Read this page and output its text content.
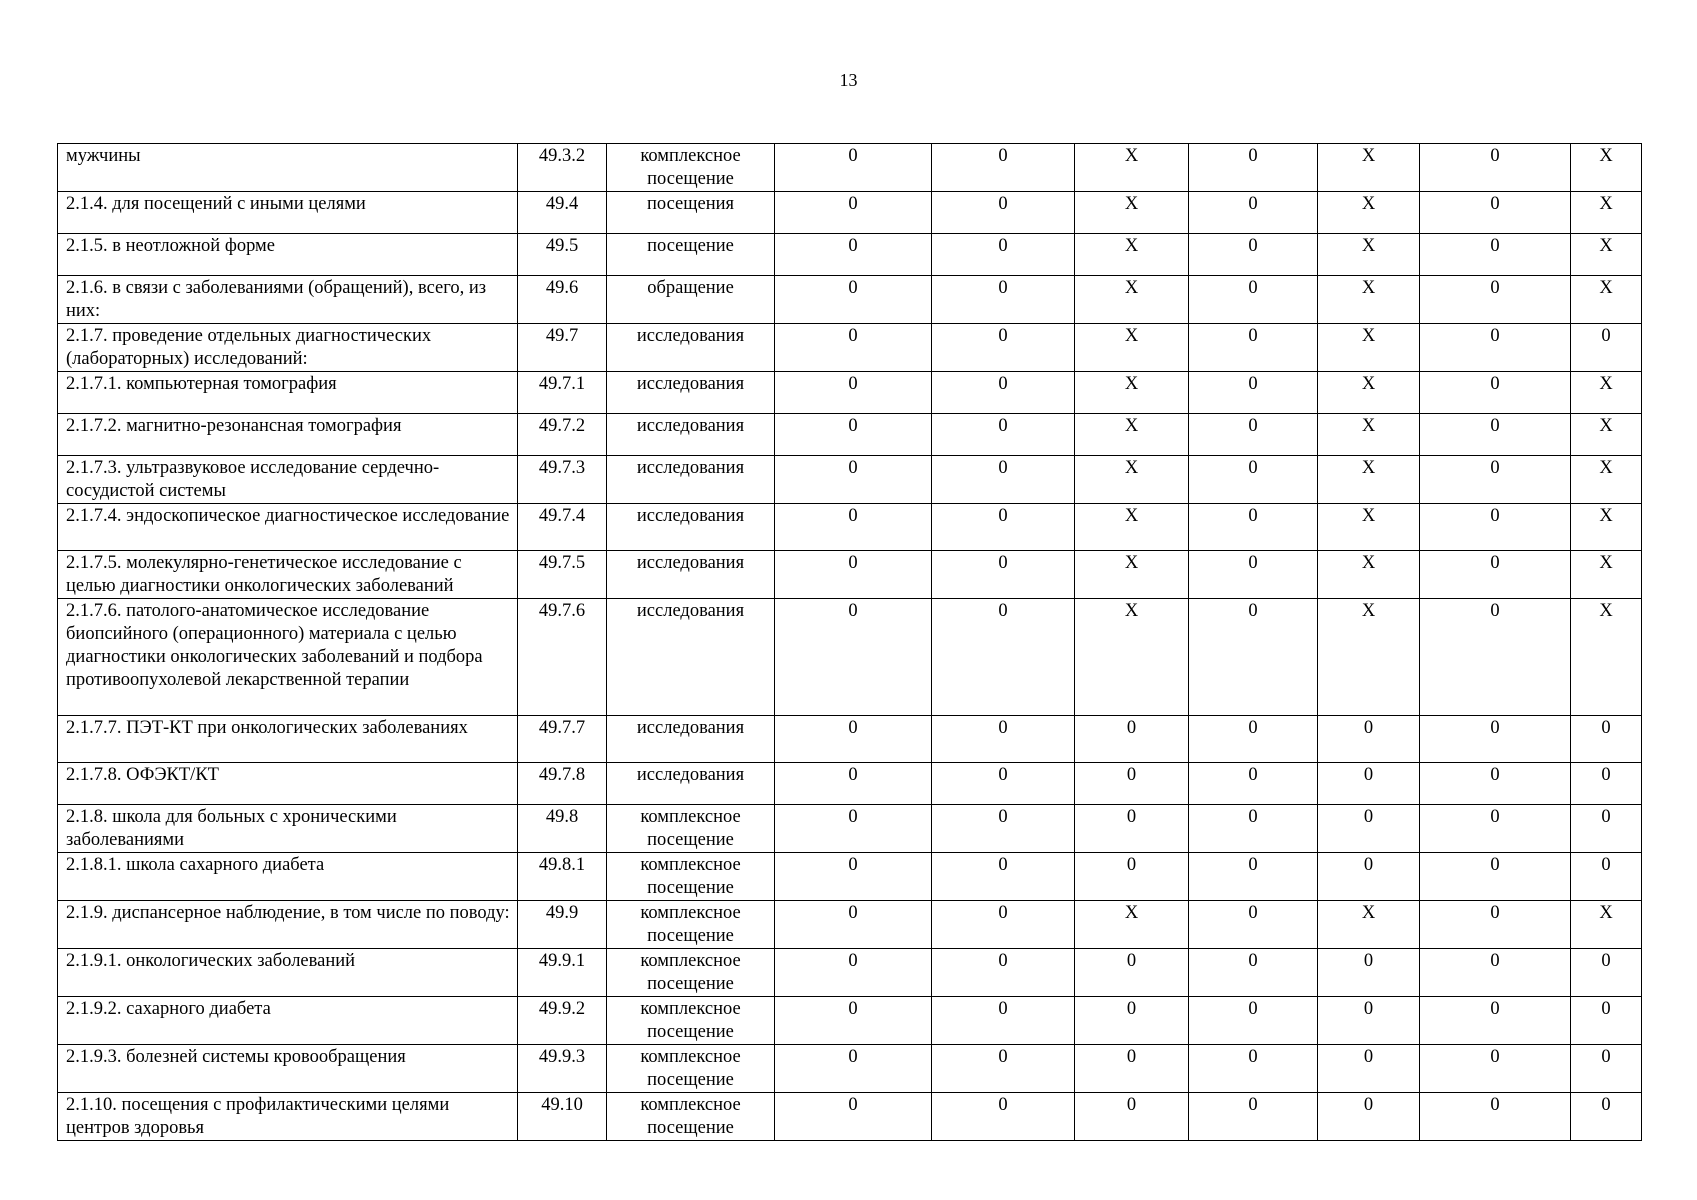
13
мужчины	49.3.2	комплексное посещение	0	0	X	0	X	0	X
2.1.4. для посещений с иными целями	49.4	посещения	0	0	X	0	X	0	X
2.1.5. в неотложной форме	49.5	посещение	0	0	X	0	X	0	X
2.1.6. в связи с заболеваниями (обращений), всего, из них:	49.6	обращение	0	0	X	0	X	0	X
2.1.7. проведение отдельных диагностических (лабораторных) исследований:	49.7	исследования	0	0	X	0	X	0	0
2.1.7.1. компьютерная томография	49.7.1	исследования	0	0	X	0	X	0	X
2.1.7.2. магнитно-резонансная томография	49.7.2	исследования	0	0	X	0	X	0	X
2.1.7.3. ультразвуковое исследование сердечно-сосудистой системы	49.7.3	исследования	0	0	X	0	X	0	X
2.1.7.4. эндоскопическое диагностическое исследование	49.7.4	исследования	0	0	X	0	X	0	X
2.1.7.5. молекулярно-генетическое исследование с целью диагностики онкологических заболеваний	49.7.5	исследования	0	0	X	0	X	0	X
2.1.7.6. патолого-анатомическое исследование биопсийного (операционного) материала с целью диагностики онкологических заболеваний и подбора противоопухолевой лекарственной терапии	49.7.6	исследования	0	0	X	0	X	0	X
2.1.7.7. ПЭТ-КТ при онкологических заболеваниях	49.7.7	исследования	0	0	0	0	0	0	0
2.1.7.8. ОФЭКТ/КТ	49.7.8	исследования	0	0	0	0	0	0	0
2.1.8. школа для больных с хроническими заболеваниями	49.8	комплексное посещение	0	0	0	0	0	0	0
2.1.8.1. школа сахарного диабета	49.8.1	комплексное посещение	0	0	0	0	0	0	0
2.1.9. диспансерное наблюдение, в том числе по поводу:	49.9	комплексное посещение	0	0	X	0	X	0	X
2.1.9.1. онкологических заболеваний	49.9.1	комплексное посещение	0	0	0	0	0	0	0
2.1.9.2. сахарного диабета	49.9.2	комплексное посещение	0	0	0	0	0	0	0
2.1.9.3. болезней системы кровообращения	49.9.3	комплексное посещение	0	0	0	0	0	0	0
2.1.10. посещения с профилактическими целями центров здоровья	49.10	комплексное посещение	0	0	0	0	0	0	0
